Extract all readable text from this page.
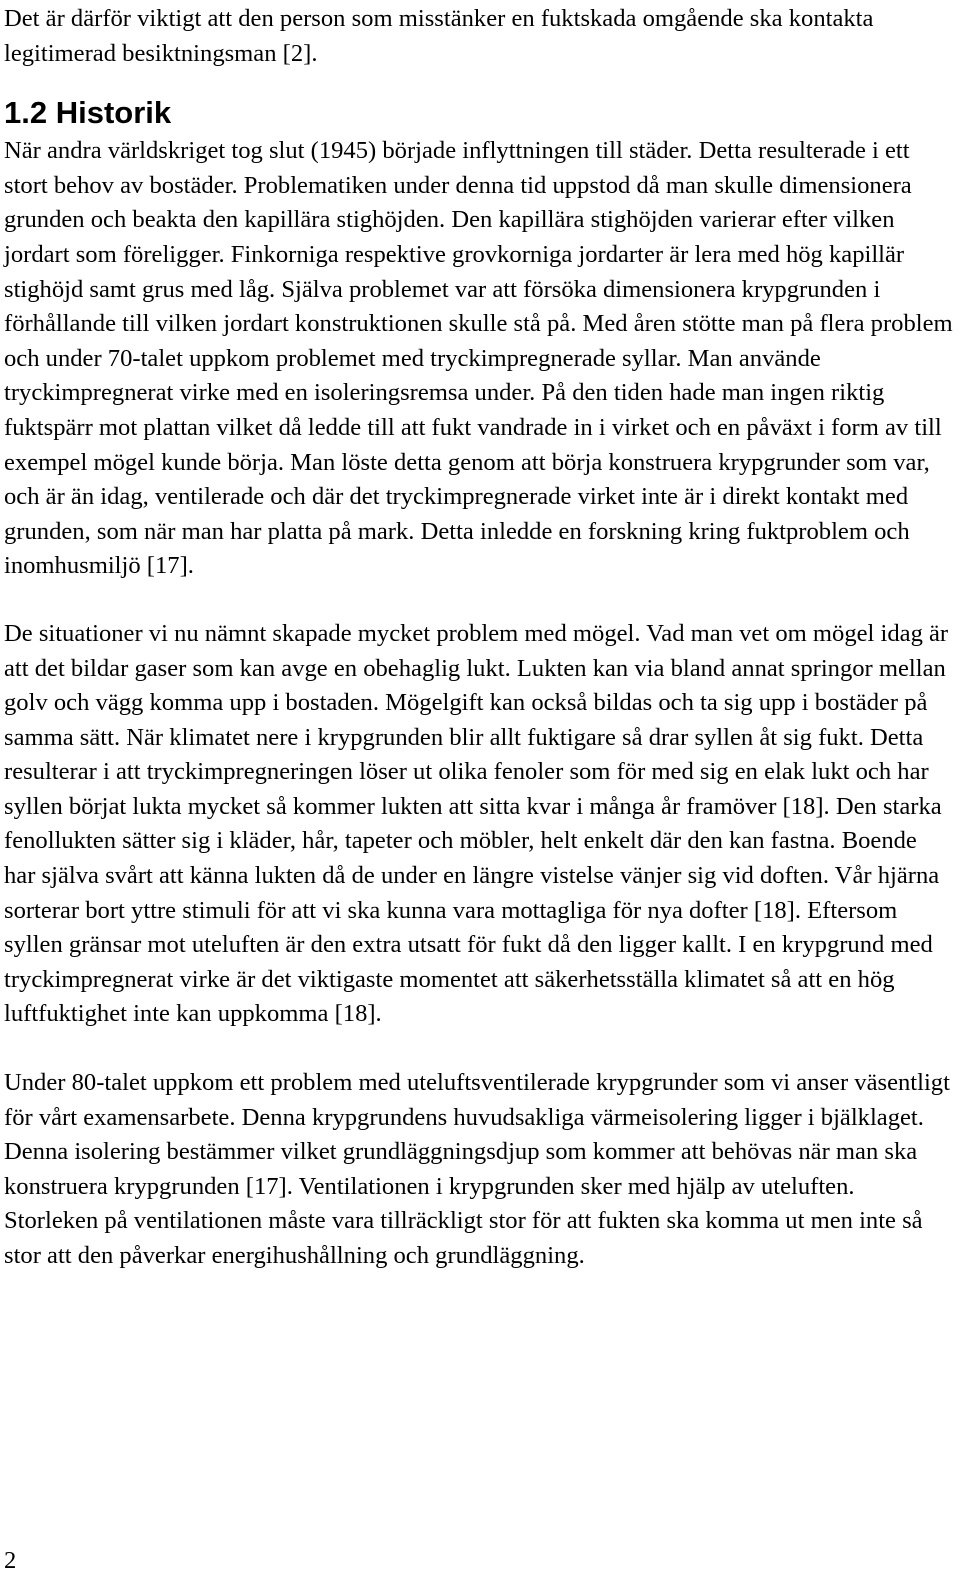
Det är därför viktigt att den person som misstänker en fuktskada omgående ska kontakta legitimerad besiktningsman [2].

1.2 Historik

När andra världskriget tog slut (1945) började inflyttningen till städer. Detta resulterade i ett stort behov av bostäder. Problematiken under denna tid uppstod då man skulle dimensionera grunden och beakta den kapillära stighöjden. Den kapillära stighöjden varierar efter vilken jordart som föreligger. Finkorniga respektive grovkorniga jordarter är lera med hög kapillär stighöjd samt grus med låg. Själva problemet var att försöka dimensionera krypgrunden i förhållande till vilken jordart konstruktionen skulle stå på. Med åren stötte man på flera problem och under 70-talet uppkom problemet med tryckimpregnerade syllar. Man använde tryckimpregnerat virke med en isoleringsremsa under. På den tiden hade man ingen riktig fuktspärr mot plattan vilket då ledde till att fukt vandrade in i virket och en påväxt i form av till exempel mögel kunde börja. Man löste detta genom att börja konstruera krypgrunder som var, och är än idag, ventilerade och där det tryckimpregnerade virket inte är i direkt kontakt med grunden, som när man har platta på mark. Detta inledde en forskning kring fuktproblem och inomhusmiljö [17].

De situationer vi nu nämnt skapade mycket problem med mögel. Vad man vet om mögel idag är att det bildar gaser som kan avge en obehaglig lukt. Lukten kan via bland annat springor mellan golv och vägg komma upp i bostaden. Mögelgift kan också bildas och ta sig upp i bostäder på samma sätt. När klimatet nere i krypgrunden blir allt fuktigare så drar syllen åt sig fukt. Detta resulterar i att tryckimpregneringen löser ut olika fenoler som för med sig en elak lukt och har syllen börjat lukta mycket så kommer lukten att sitta kvar i många år framöver [18]. Den starka fenollukten sätter sig i kläder, hår, tapeter och möbler, helt enkelt där den kan fastna. Boende har själva svårt att känna lukten då de under en längre vistelse vänjer sig vid doften. Vår hjärna sorterar bort yttre stimuli för att vi ska kunna vara mottagliga för nya dofter [18]. Eftersom syllen gränsar mot uteluften är den extra utsatt för fukt då den ligger kallt. I en krypgrund med tryckimpregnerat virke är det viktigaste momentet att säkerhetsställa klimatet så att en hög luftfuktighet inte kan uppkomma [18].

Under 80-talet uppkom ett problem med uteluftsventilerade krypgrunder som vi anser väsentligt för vårt examensarbete. Denna krypgrundens huvudsakliga värmeisolering ligger i bjälklaget. Denna isolering bestämmer vilket grundläggningsdjup som kommer att behövas när man ska konstruera krypgrunden [17]. Ventilationen i krypgrunden sker med hjälp av uteluften. Storleken på ventilationen måste vara tillräckligt stor för att fukten ska komma ut men inte så stor att den påverkar energihushållning och grundläggning.

2
